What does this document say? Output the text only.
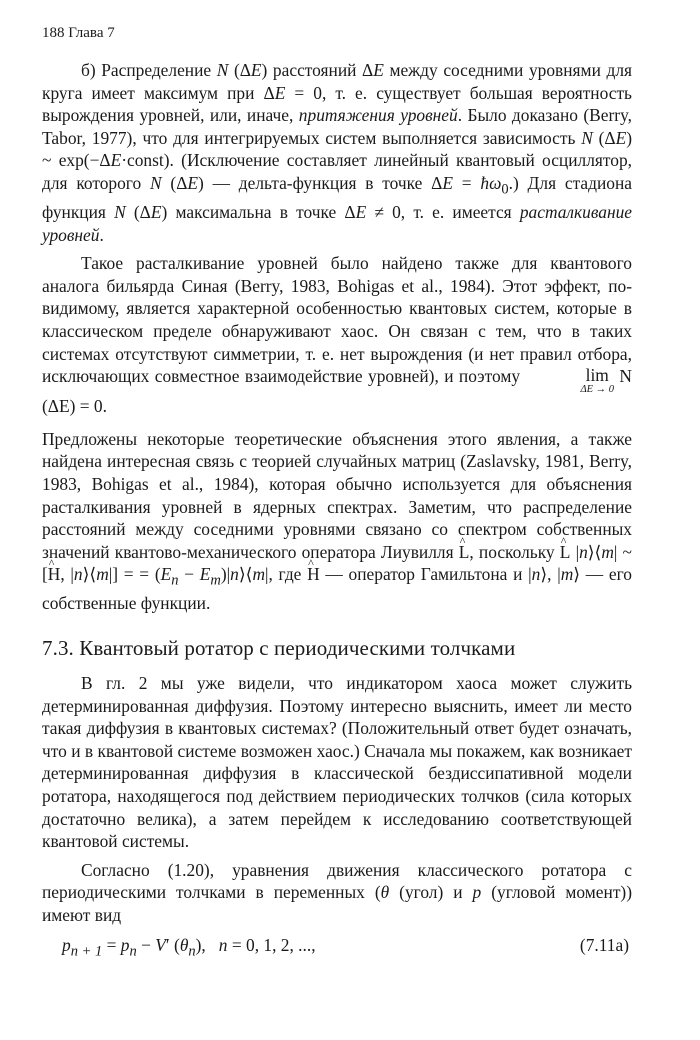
188 Глава 7

б) Распределение N (ΔE) расстояний ΔE между соседними уровнями для круга имеет максимум при ΔE = 0, т. е. существует большая вероятность вырождения уровней, или, иначе, притяжения уровней. Было доказано (Berry, Tabor, 1977), что для интегрируемых систем выполняется зависимость N (ΔE) ~ exp(−ΔE·const). (Исключение составляет линейный квантовый осциллятор, для которого N (ΔE) — дельта-функция в точке $\Delta E = ħ\omega_0$.) Для стадиона функция N (ΔE) максимальна в точке ΔE ≠ 0, т. е. имеется расталкивание уровней.

Такое расталкивание уровней было найдено также для квантового аналога бильярда Синая (Berry, 1983, Bohigas et al., 1984). Этот эффект, по-видимому, является характерной особенностью квантовых систем, которые в классическом пределе обнаруживают хаос. Он связан с тем, что в таких системах отсутствуют симметрии, т. е. нет вырождения (и нет правил отбора, исключающих совместное взаимодействие уровней), и поэтому	lim
ΔE → 0
N (ΔE) = 0.

Предложены некоторые теоретические объяснения этого явления, а также найдена интересная связь с теорией случайных матриц (Zaslavsky, 1981, Berry, 1983, Bohigas et al., 1984), которая обычно используется для объяснения расталкивания уровней в ядерных спектрах. Заметим, что распределение расстояний между соседними уровнями связано со спектром собственных значений квантово-механического оператора Лиувилля ^ L, поскольку ^ L |n⟩⟨m| ~ [^ H, |n⟩⟨m|] = = ($E_n$ − $E_m)|n⟩⟨m|$, где ^ H — оператор Гамильтона и |n⟩, |m⟩ — его собственные функции.

7.3. Квантовый ротатор с периодическими толчками

В гл. 2 мы уже видели, что индикатором хаоса может служить детерминированная диффузия. Поэтому интересно выяснить, имеет ли место такая диффузия в квантовых системах? (Положительный ответ будет означать, что и в квантовой системе возможен хаос.) Сначала мы покажем, как возникает детерминированная диффузия в классической бездиссипативной модели ротатора, находящегося под действием периодических толчков (сила которых достаточно велика), а затем перейдем к исследованию соответствующей квантовой системы.

Согласно (1.20), уравнения движения классического ротатора с периодическими толчками в переменных (θ (угол) и p (угловой момент)) имеют вид

$p_{n + 1} = p_n - V'$ $(\theta_n)$, n = 0, 1, 2, ...,	(7.11a)
